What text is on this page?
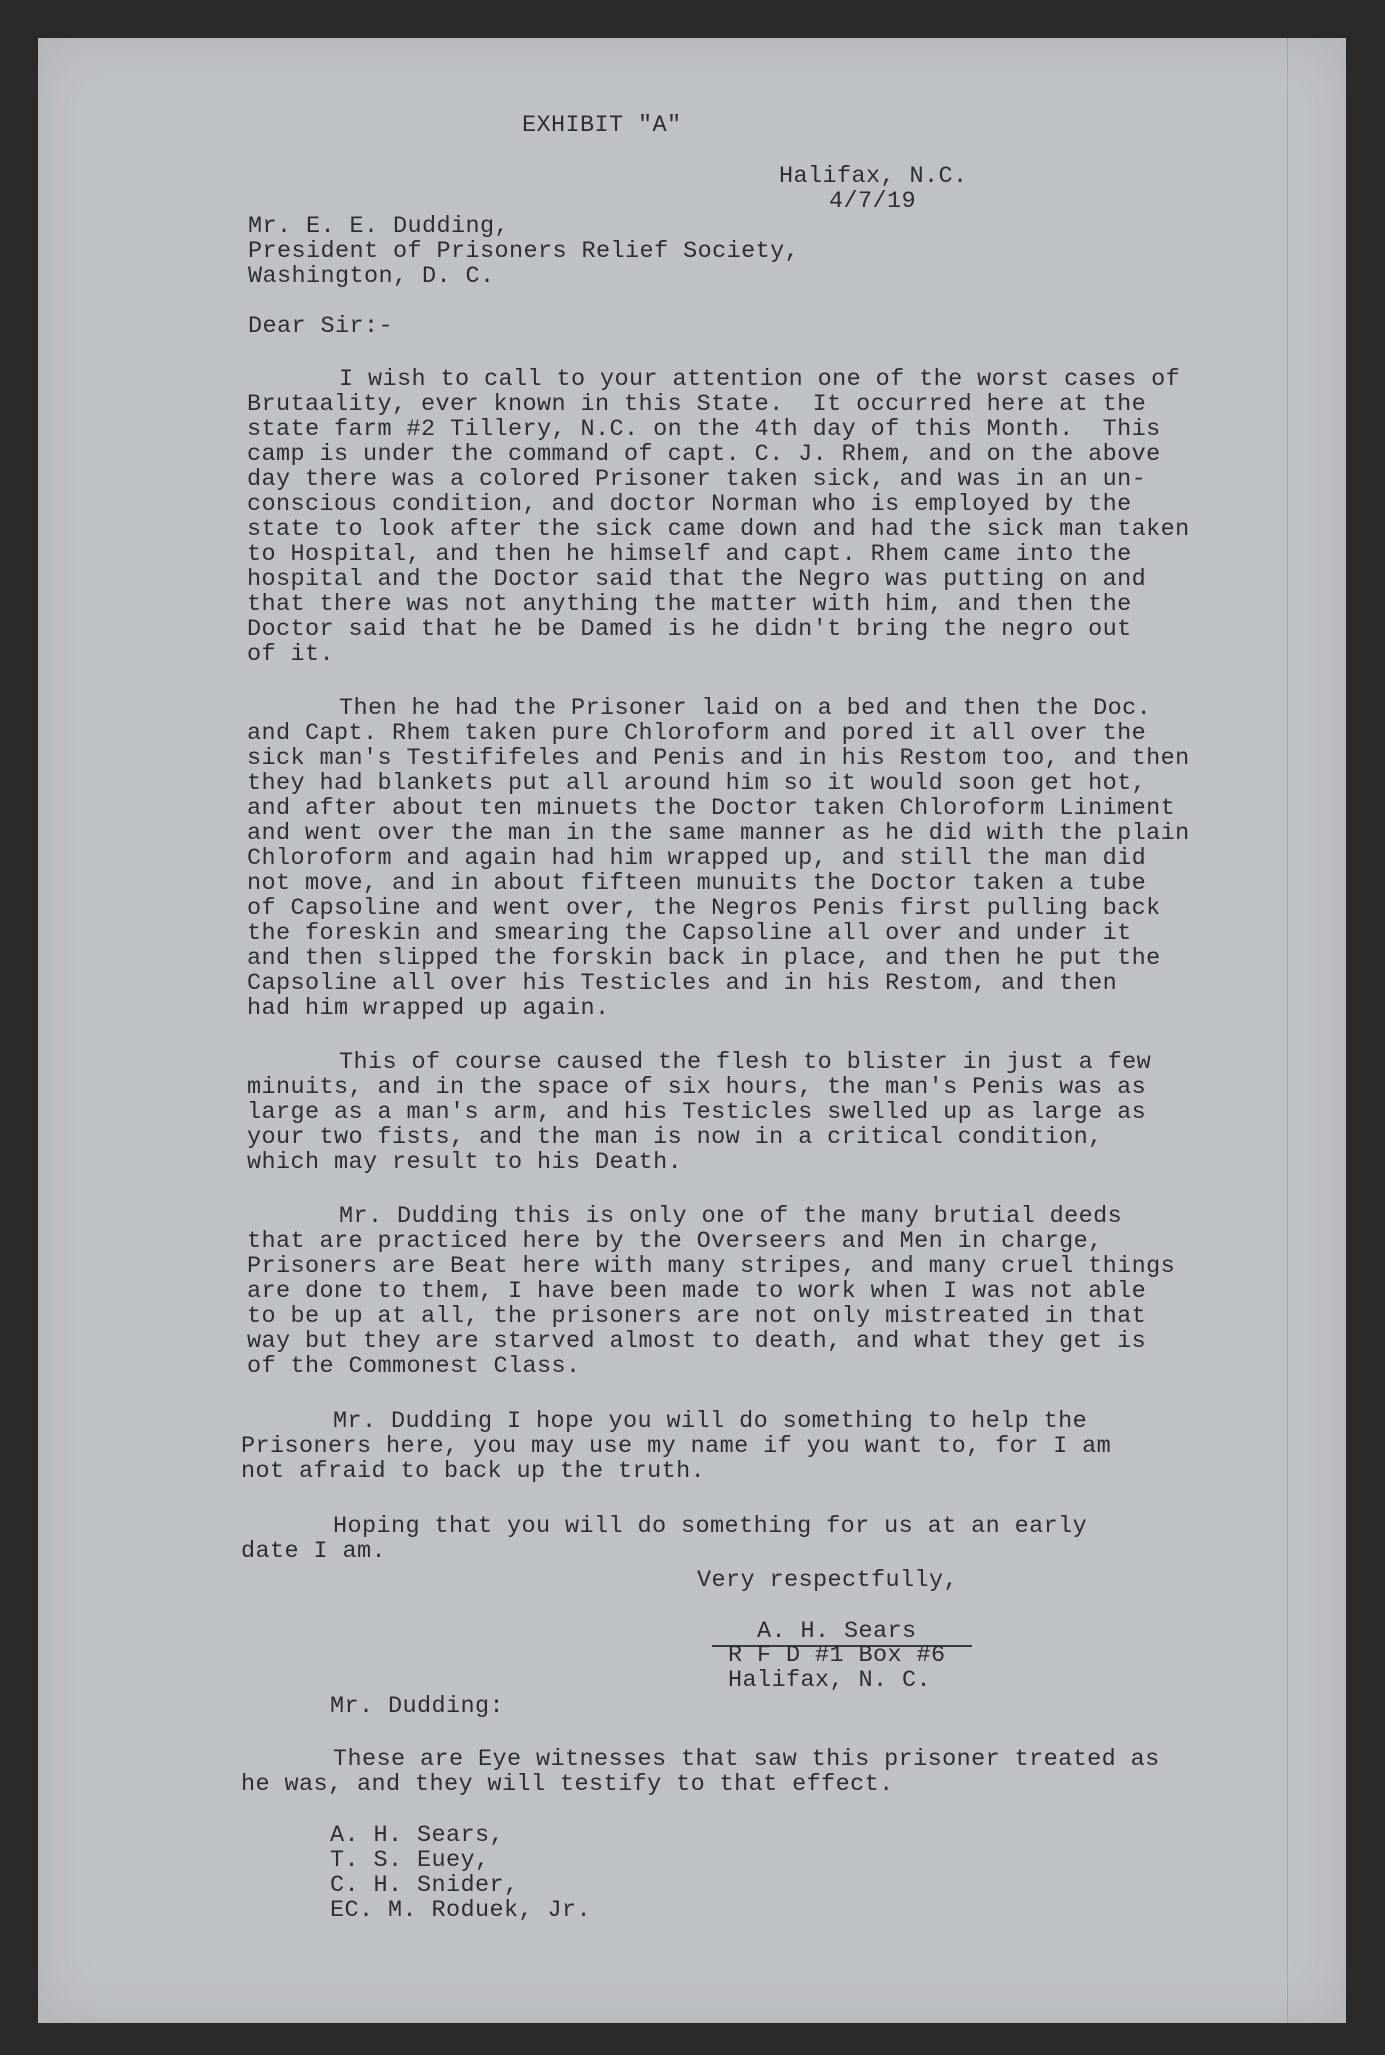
EXHIBIT "A"
Halifax, N.C.
4/7/19
Mr. E. E. Dudding,
President of Prisoners Relief Society,
Washington, D. C.
Dear Sir:-
I wish to call to your attention one of the worst cases of
Brutaality, ever known in this State.  It occurred here at the
state farm #2 Tillery, N.C. on the 4th day of this Month.  This
camp is under the command of capt. C. J. Rhem, and on the above
day there was a colored Prisoner taken sick, and was in an un-
conscious condition, and doctor Norman who is employed by the
state to look after the sick came down and had the sick man taken
to Hospital, and then he himself and capt. Rhem came into the
hospital and the Doctor said that the Negro was putting on and
that there was not anything the matter with him, and then the
Doctor said that he be Damed is he didn't bring the negro out
of it.
Then he had the Prisoner laid on a bed and then the Doc.
and Capt. Rhem taken pure Chloroform and pored it all over the
sick man's Testififeles and Penis and in his Restom too, and then
they had blankets put all around him so it would soon get hot,
and after about ten minuets the Doctor taken Chloroform Liniment
and went over the man in the same manner as he did with the plain
Chloroform and again had him wrapped up, and still the man did
not move, and in about fifteen munuits the Doctor taken a tube
of Capsoline and went over, the Negros Penis first pulling back
the foreskin and smearing the Capsoline all over and under it
and then slipped the forskin back in place, and then he put the
Capsoline all over his Testicles and in his Restom, and then
had him wrapped up again.
This of course caused the flesh to blister in just a few
minuits, and in the space of six hours, the man's Penis was as
large as a man's arm, and his Testicles swelled up as large as
your two fists, and the man is now in a critical condition,
which may result to his Death.
Mr. Dudding this is only one of the many brutial deeds
that are practiced here by the Overseers and Men in charge,
Prisoners are Beat here with many stripes, and many cruel things
are done to them, I have been made to work when I was not able
to be up at all, the prisoners are not only mistreated in that
way but they are starved almost to death, and what they get is
of the Commonest Class.
Mr. Dudding I hope you will do something to help the
Prisoners here, you may use my name if you want to, for I am
not afraid to back up the truth.
Hoping that you will do something for us at an early
date I am.
Very respectfully,
A. H. Sears
R F D #1 Box #6
Halifax, N. C.
Mr. Dudding:
These are Eye witnesses that saw this prisoner treated as
he was, and they will testify to that effect.
A. H. Sears,
T. S. Euey,
C. H. Snider,
EC. M. Roduek, Jr.
